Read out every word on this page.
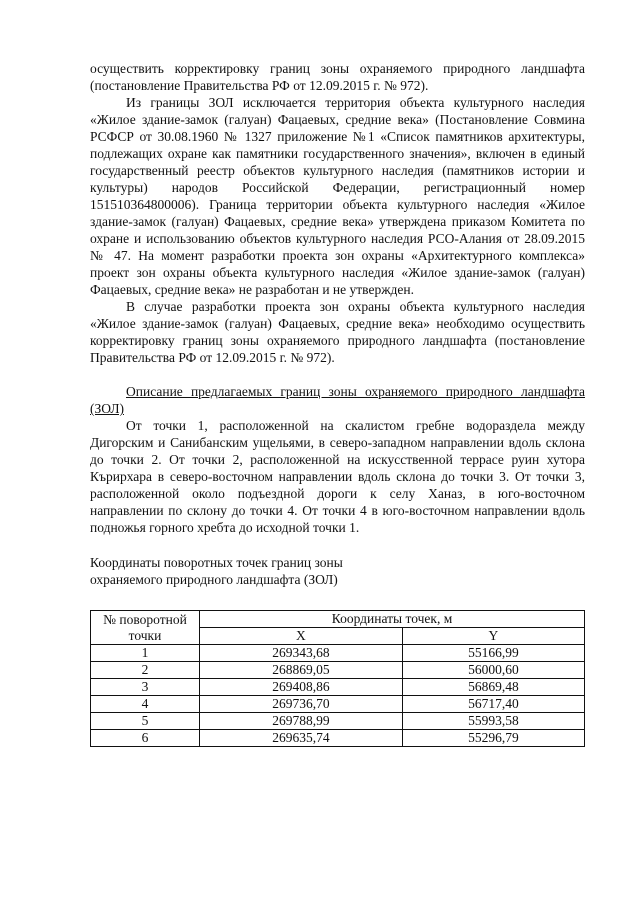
осуществить корректировку границ зоны охраняемого природного ландшафта (постановление Правительства РФ от 12.09.2015 г. № 972).

Из границы ЗОЛ исключается территория объекта культурного наследия «Жилое здание-замок (галуан) Фацаевых, средние века» (Постановление Совмина РСФСР от 30.08.1960 № 1327 приложение №1 «Список памятников архитектуры, подлежащих охране как памятники государственного значения», включен в единый государственный реестр объектов культурного наследия (памятников истории и культуры) народов Российской Федерации, регистрационный номер 151510364800006). Граница территории объекта культурного наследия «Жилое здание-замок (галуан) Фацаевых, средние века» утверждена приказом Комитета по охране и использованию объектов культурного наследия РСО-Алания от 28.09.2015 № 47. На момент разработки проекта зон охраны «Архитектурного комплекса» проект зон охраны объекта культурного наследия «Жилое здание-замок (галуан) Фацаевых, средние века» не разработан и не утвержден.

В случае разработки проекта зон охраны объекта культурного наследия «Жилое здание-замок (галуан) Фацаевых, средние века» необходимо осуществить корректировку границ зоны охраняемого природного ландшафта (постановление Правительства РФ от 12.09.2015 г. № 972).

Описание предлагаемых границ зоны охраняемого природного ландшафта (ЗОЛ)

От точки 1, расположенной на скалистом гребне водораздела между Дигорским и Санибанским ущельями, в северо-западном направлении вдоль склона до точки 2. От точки 2, расположенной на искусственной террасе руин хутора Кърирхара в северо-восточном направлении вдоль склона до точки 3. От точки 3, расположенной около подъездной дороги к селу Ханаз, в юго-восточном направлении по склону до точки 4. От точки 4 в юго-восточном направлении вдоль подножья горного хребта до исходной точки 1.

Координаты поворотных точек границ зоны

охраняемого природного ландшафта (ЗОЛ)

№ поворотной точки	Координаты точек, м	
	X	Y
1	269343,68	55166,99
2	268869,05	56000,60
3	269408,86	56869,48
4	269736,70	56717,40
5	269788,99	55993,58
6	269635,74	55296,79
